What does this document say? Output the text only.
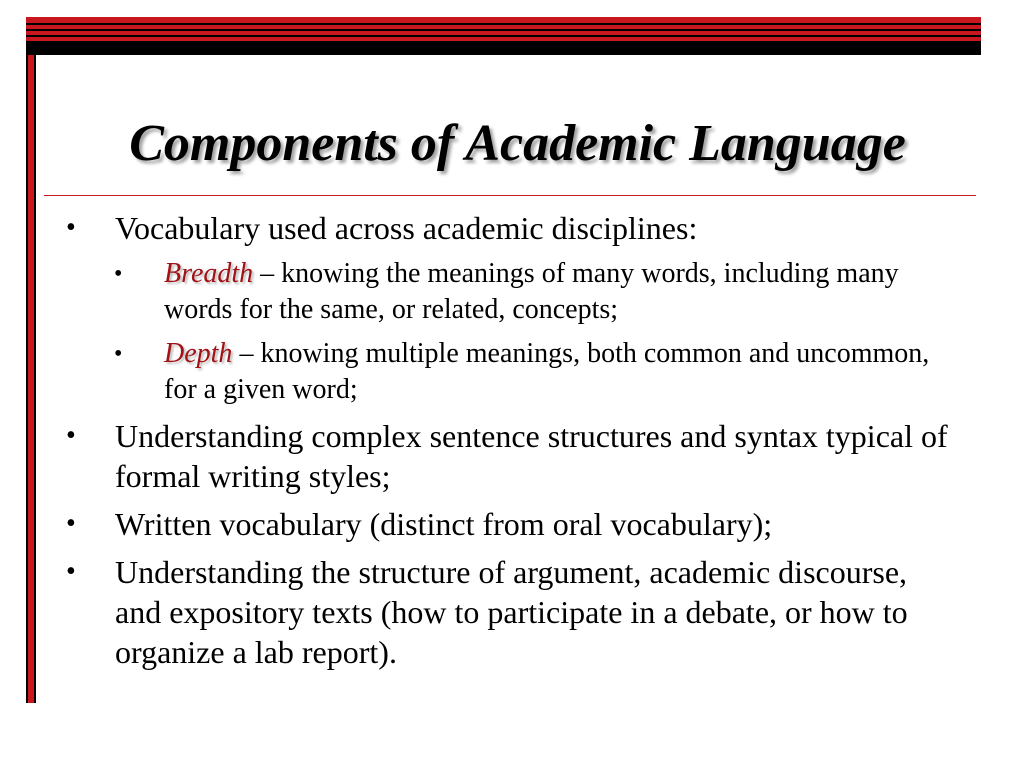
Components of Academic Language
• Vocabulary used across academic disciplines:
• Breadth – knowing the meanings of many words, including many words for the same, or related, concepts;
• Depth – knowing multiple meanings, both common and uncommon, for a given word;
• Understanding complex sentence structures and syntax typical of formal writing styles;
• Written vocabulary (distinct from oral vocabulary);
• Understanding the structure of argument, academic discourse, and expository texts (how to participate in a debate, or how to organize a lab report).
